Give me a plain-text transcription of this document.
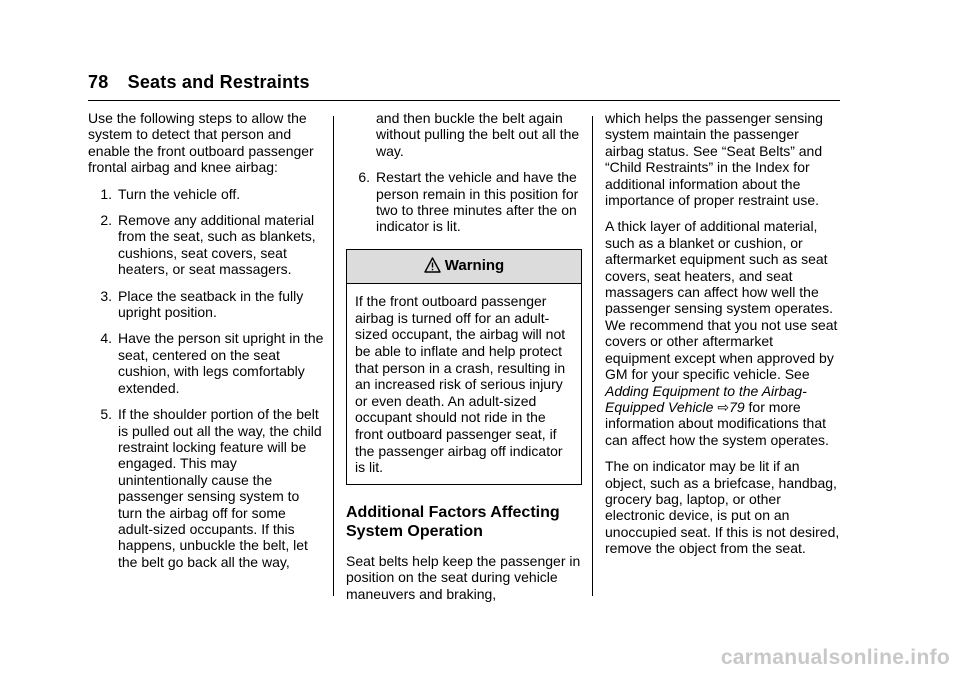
78 Seats and Restraints

Use the following steps to allow the system to detect that person and enable the front outboard passenger frontal airbag and knee airbag:

1. Turn the vehicle off.
2. Remove any additional material from the seat, such as blankets, cushions, seat covers, seat heaters, or seat massagers.
3. Place the seatback in the fully upright position.
4. Have the person sit upright in the seat, centered on the seat cushion, with legs comfortably extended.
5. If the shoulder portion of the belt is pulled out all the way, the child restraint locking feature will be engaged. This may unintentionally cause the passenger sensing system to turn the airbag off for some adult-sized occupants. If this happens, unbuckle the belt, let the belt go back all the way,
and then buckle the belt again without pulling the belt out all the way.
6. Restart the vehicle and have the person remain in this position for two to three minutes after the on indicator is lit.
Warning
If the front outboard passenger airbag is turned off for an adult-sized occupant, the airbag will not be able to inflate and help protect that person in a crash, resulting in an increased risk of serious injury or even death. An adult-sized occupant should not ride in the front outboard passenger seat, if the passenger airbag off indicator is lit.
Additional Factors Affecting System Operation

Seat belts help keep the passenger in position on the seat during vehicle maneuvers and braking,

which helps the passenger sensing system maintain the passenger airbag status. See “Seat Belts” and “Child Restraints” in the Index for additional information about the importance of proper restraint use.

A thick layer of additional material, such as a blanket or cushion, or aftermarket equipment such as seat covers, seat heaters, and seat massagers can affect how well the passenger sensing system operates. We recommend that you not use seat covers or other aftermarket equipment except when approved by GM for your specific vehicle. See Adding Equipment to the Airbag-Equipped Vehicle ⇨79 for more information about modifications that can affect how the system operates.

The on indicator may be lit if an object, such as a briefcase, handbag, grocery bag, laptop, or other electronic device, is put on an unoccupied seat. If this is not desired, remove the object from the seat.

carmanualsonline.info
